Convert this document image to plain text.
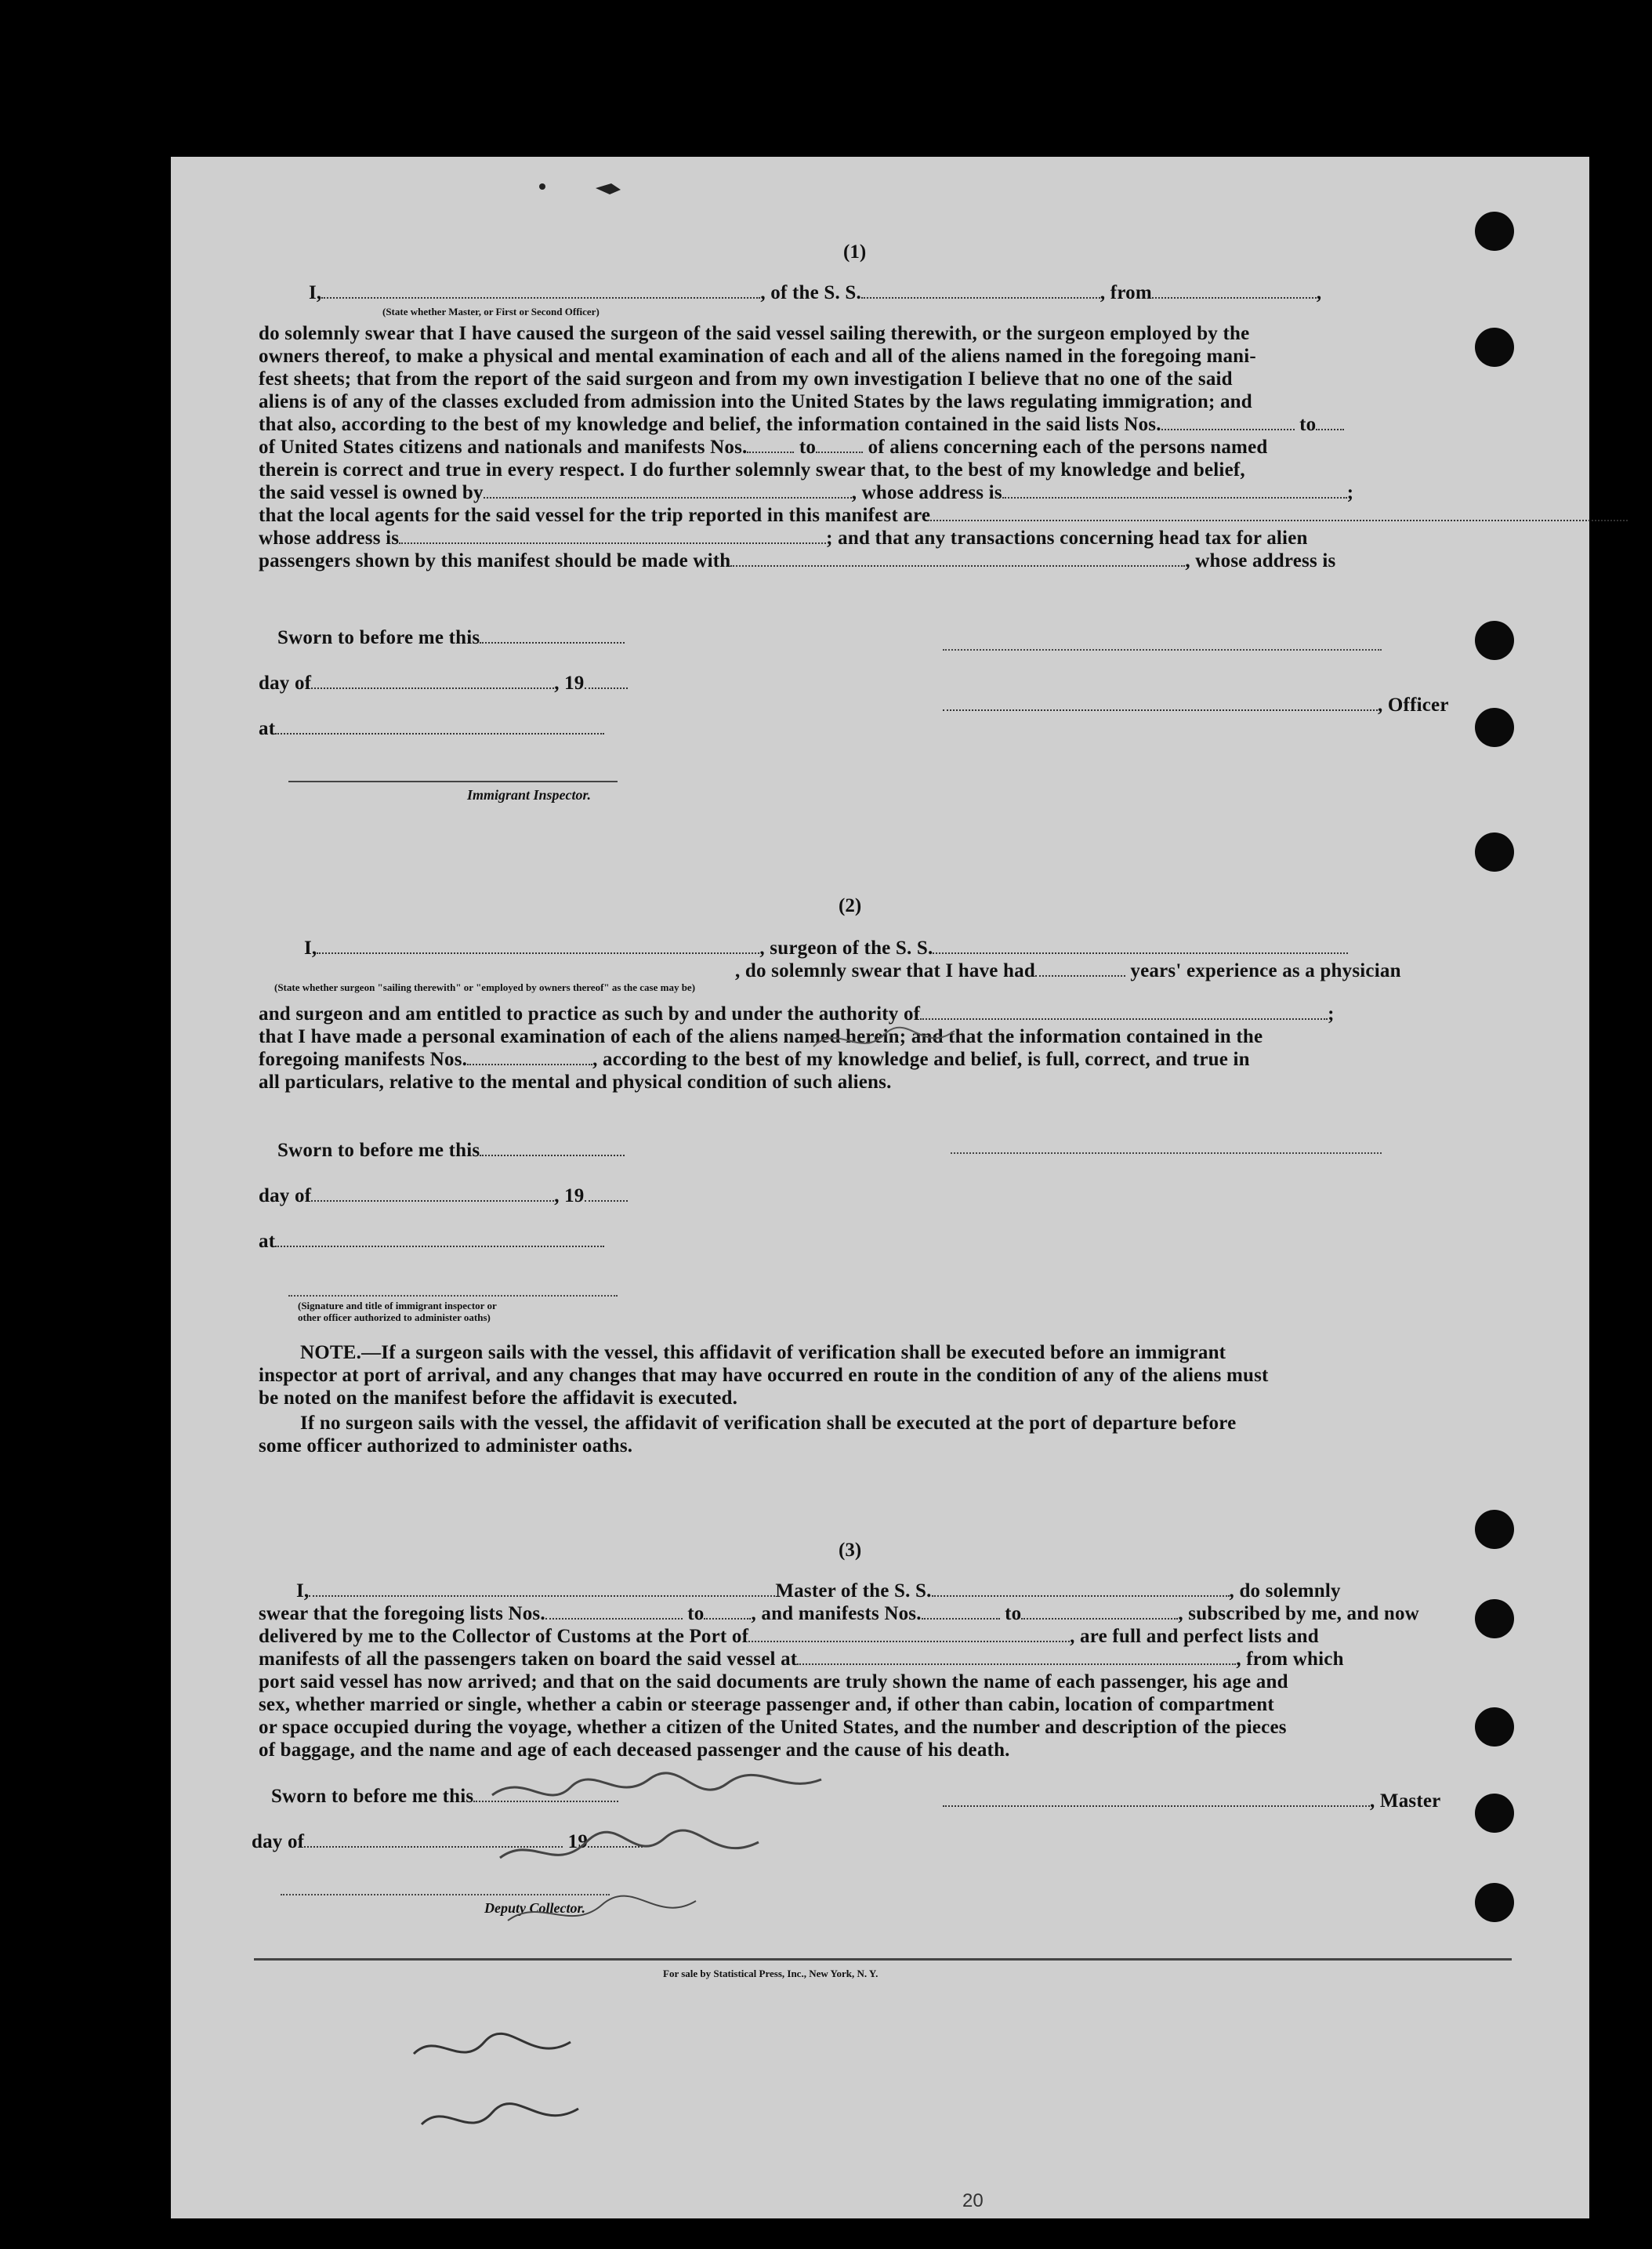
(1)
I,	, of the S. S.	, from	,
(State whether Master, or First or Second Officer)
do solemnly swear that I have caused the surgeon of the said vessel sailing therewith, or the surgeon employed by the
owners thereof, to make a physical and mental examination of each and all of the aliens named in the foregoing mani-
fest sheets; that from the report of the said surgeon and from my own investigation I believe that no one of the said
aliens is of any of the classes excluded from admission into the United States by the laws regulating immigration; and
that also, according to the best of my knowledge and belief, the information contained in the said lists Nos.	to
of United States citizens and nationals and manifests Nos.	to	of aliens concerning each of the persons named
therein is correct and true in every respect. I do further solemnly swear that, to the best of my knowledge and belief,
the said vessel is owned by	, whose address is	;
that the local agents for the said vessel for the trip reported in this manifest are
whose address is	; and that any transactions concerning head tax for alien
passengers shown by this manifest should be made with	, whose address is
Sworn to before me this
day of	, 19
at
Immigrant Inspector.
, Officer
(2)
I,	, surgeon of the S. S.
, do solemnly swear that I have had	years' experience as a physician
(State whether surgeon "sailing therewith" or "employed by owners thereof" as the case may be)
and surgeon and am entitled to practice as such by and under the authority of	;
that I have made a personal examination of each of the aliens named herein; and that the information contained in the
foregoing manifests Nos.	, according to the best of my knowledge and belief, is full, correct, and true in
all particulars, relative to the mental and physical condition of such aliens.
Sworn to before me this
day of	, 19
at
(Signature and title of immigrant inspector or
other officer authorized to administer oaths)
NOTE.—If a surgeon sails with the vessel, this affidavit of verification shall be executed before an immigrant
inspector at port of arrival, and any changes that may have occurred en route in the condition of any of the aliens must
be noted on the manifest before the affidavit is executed.
If no surgeon sails with the vessel, the affidavit of verification shall be executed at the port of departure before
some officer authorized to administer oaths.
(3)
I,	Master of the S. S.	, do solemnly
swear that the foregoing lists Nos.	to , and manifests Nos.	to	, subscribed by me, and now
delivered by me to the Collector of Customs at the Port of	, are full and perfect lists and
manifests of all the passengers taken on board the said vessel at	, from which
port said vessel has now arrived; and that on the said documents are truly shown the name of each passenger, his age and
sex, whether married or single, whether a cabin or steerage passenger and, if other than cabin, location of compartment
or space occupied during the voyage, whether a citizen of the United States, and the number and description of the pieces
of baggage, and the name and age of each deceased passenger and the cause of his death.
Sworn to before me this	, Master
day of	19
Deputy Collector.
For sale by Statistical Press, Inc., New York, N. Y.
20
